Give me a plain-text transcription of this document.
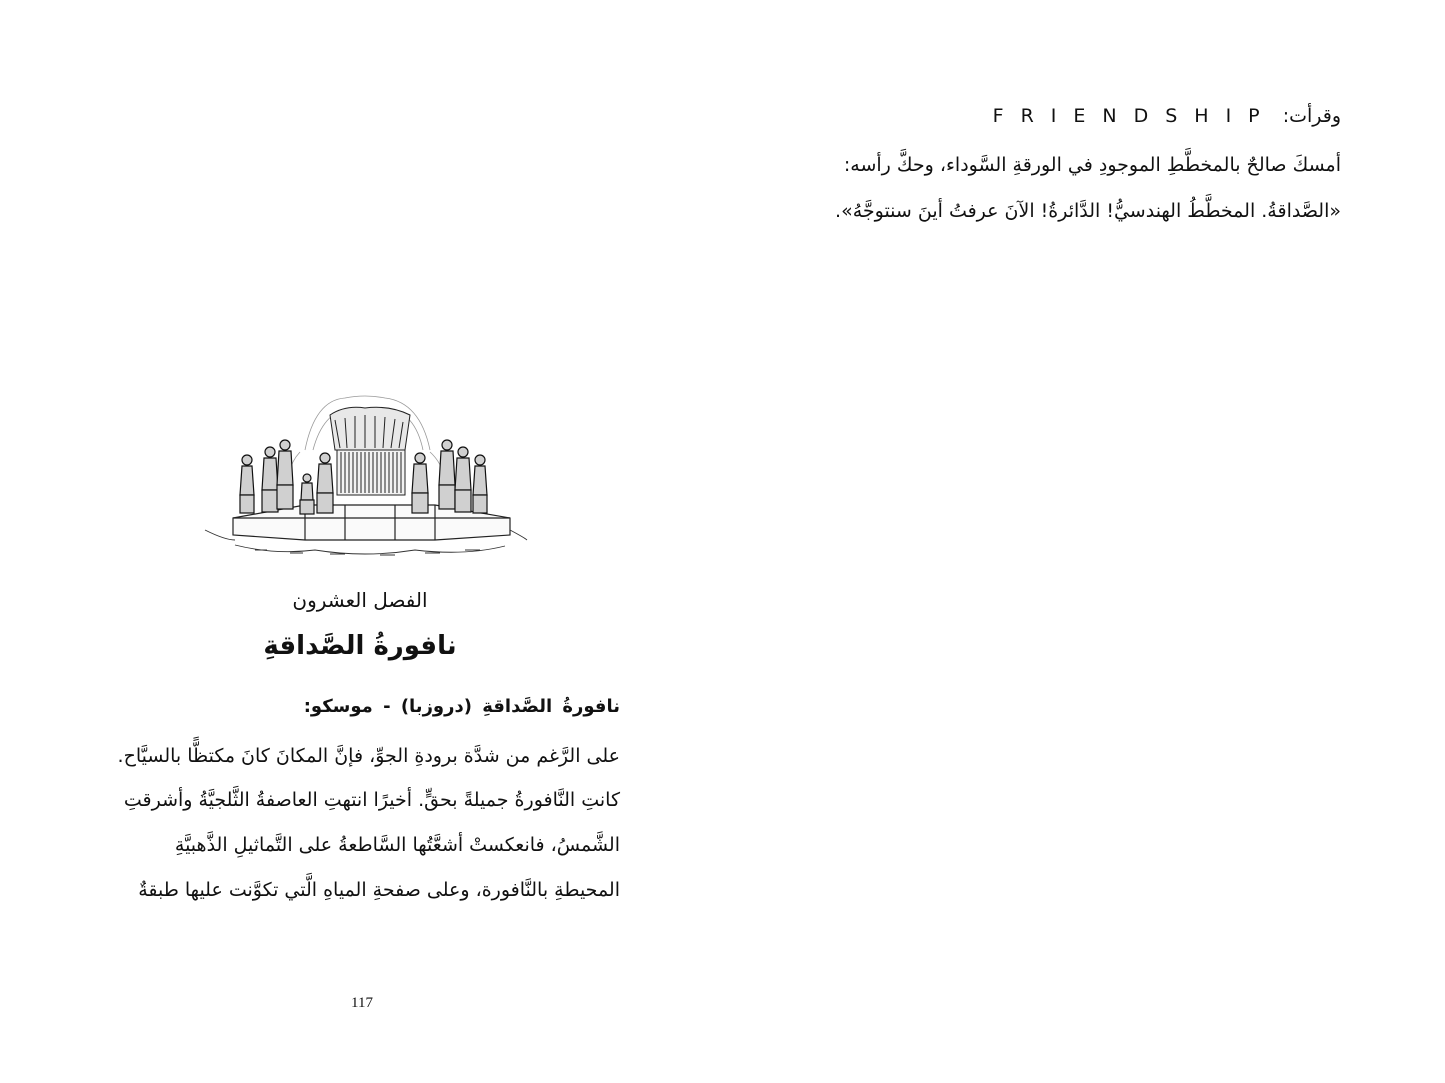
وقرأت: FRIENDSHIP
أمسكَ صالحٌ بالمخطَّطِ الموجودِ في الورقةِ السَّوداء، وحكَّ رأسه:
«الصَّداقةُ. المخطَّطُ الهندسيُّ! الدَّائرةُ! الآنَ عرفتُ أينَ سنتوجَّهُ».
الفصل العشرون
نافورةُ الصَّداقةِ
نافورةُ الصَّداقةِ (دروزبا) - موسكو:
على الرَّغم من شدَّة برودةِ الجوِّ، فإنَّ المكانَ كانَ مكتظًّا بالسيَّاح.
كانتِ النَّافورةُ جميلةً بحقٍّ. أخيرًا انتهتِ العاصفةُ الثَّلجيَّةُ وأشرقتِ
الشَّمسُ، فانعكستْ أشعَّتُها السَّاطعةُ على التَّماثيلِ الذَّهبيَّةِ
المحيطةِ بالنَّافورة، وعلى صفحةِ المياهِ الَّتي تكوَّنت عليها طبقةٌ
117
